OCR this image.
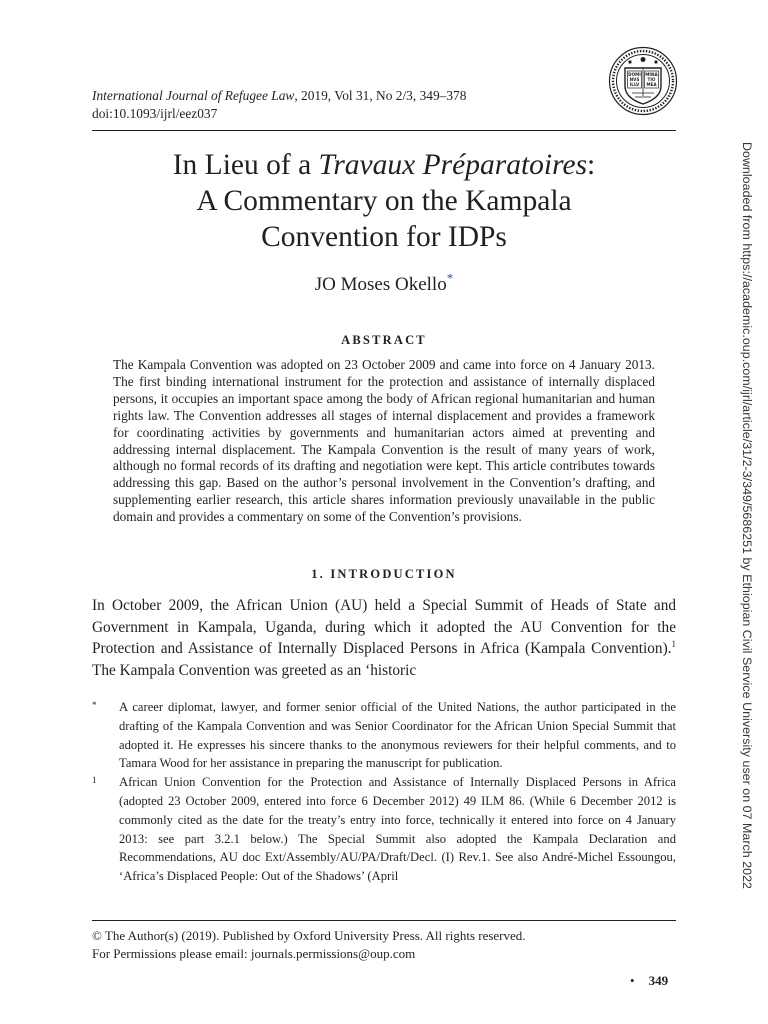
International Journal of Refugee Law, 2019, Vol 31, No 2/3, 349–378
doi:10.1093/ijrl/eez037
DOMI
NVS
ILLV
MINA
TIO
MEA
Downloaded from https://academic.oup.com/ijrl/article/31/2-3/349/5686251 by Ethiopian Civil Service University user on 07 March 2022
In Lieu of a Travaux Préparatoires:
A Commentary on the Kampala
Convention for IDPs
JO Moses Okello*
ABSTRACT

The Kampala Convention was adopted on 23 October 2009 and came into force on 4 January 2013. The first binding international instrument for the protection and assistance of internally displaced persons, it occupies an important space among the body of African regional humanitarian and human rights law. The Convention addresses all stages of internal displacement and provides a framework for coordinating activities by governments and humanitarian actors aimed at preventing and addressing internal displacement. The Kampala Convention is the result of many years of work, although no formal records of its drafting and negotiation were kept. This article contributes towards addressing this gap. Based on the author’s personal involvement in the Convention’s drafting, and supplementing earlier research, this article shares information previously unavailable in the public domain and provides a commentary on some of the Convention’s provisions.

1. INTRODUCTION

In October 2009, the African Union (AU) held a Special Summit of Heads of State and Government in Kampala, Uganda, during which it adopted the AU Convention for the Protection and Assistance of Internally Displaced Persons in Africa (Kampala Convention).$^1$ The Kampala Convention was greeted as an ‘historic

* A career diplomat, lawyer, and former senior official of the United Nations, the author participated in the drafting of the Kampala Convention and was Senior Coordinator for the African Union Special Summit that adopted it. He expresses his sincere thanks to the anonymous reviewers for their helpful comments, and to Tamara Wood for her assistance in preparing the manuscript for publication.

1 African Union Convention for the Protection and Assistance of Internally Displaced Persons in Africa (adopted 23 October 2009, entered into force 6 December 2012) 49 ILM 86. (While 6 December 2012 is commonly cited as the date for the treaty’s entry into force, technically it entered into force on 4 January 2013: see part 3.2.1 below.) The Special Summit also adopted the Kampala Declaration and Recommendations, AU doc Ext/Assembly/AU/PA/Draft/Decl. (I) Rev.1. See also André-Michel Essoungou, ‘Africa’s Displaced People: Out of the Shadows’ (April

© The Author(s) (2019). Published by Oxford University Press. All rights reserved.
For Permissions please email: journals.permissions@oup.com
• 349
